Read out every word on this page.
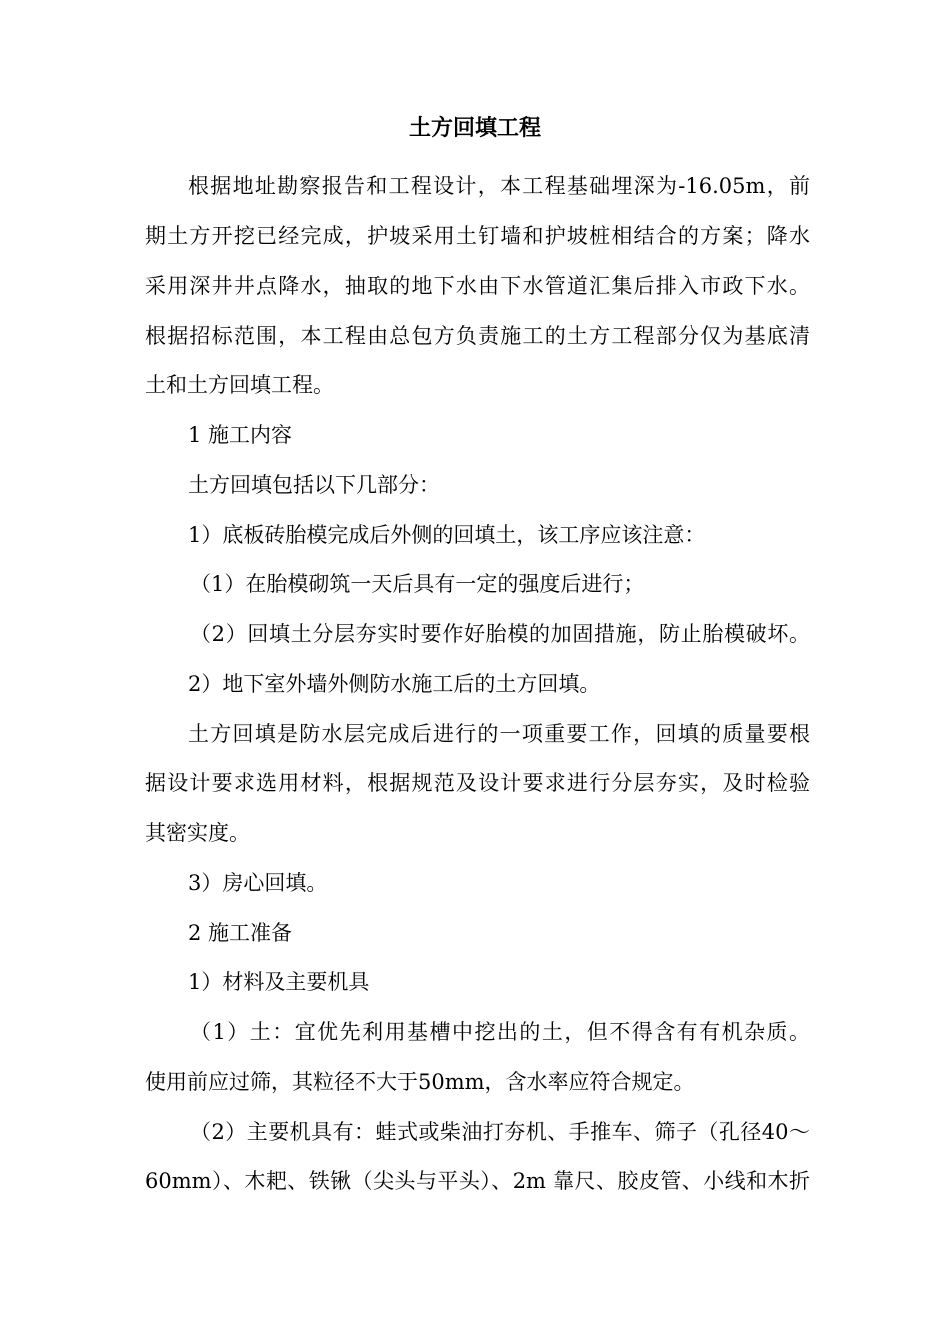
土方回填工程
根据地址勘察报告和工程设计，本工程基础埋深为-16.05m，前
期土方开挖已经完成，护坡采用土钉墙和护坡桩相结合的方案；降水
采用深井井点降水，抽取的地下水由下水管道汇集后排入市政下水。
根据招标范围，本工程由总包方负责施工的土方工程部分仅为基底清
土和土方回填工程。
1 施工内容
土方回填包括以下几部分：
1）底板砖胎模完成后外侧的回填土，该工序应该注意：
（1）在胎模砌筑一天后具有一定的强度后进行；
（2）回填土分层夯实时要作好胎模的加固措施，防止胎模破坏。
2）地下室外墙外侧防水施工后的土方回填。
土方回填是防水层完成后进行的一项重要工作，回填的质量要根
据设计要求选用材料，根据规范及设计要求进行分层夯实，及时检验
其密实度。
3）房心回填。
2 施工准备
1）材料及主要机具
（1）土：宜优先利用基槽中挖出的土，但不得含有有机杂质。
使用前应过筛，其粒径不大于50mm，含水率应符合规定。
（2）主要机具有：蛙式或柴油打夯机、手推车、筛子（孔径40～
60mm）、木耙、铁锹（尖头与平头）、2m 靠尺、胶皮管、小线和木折
